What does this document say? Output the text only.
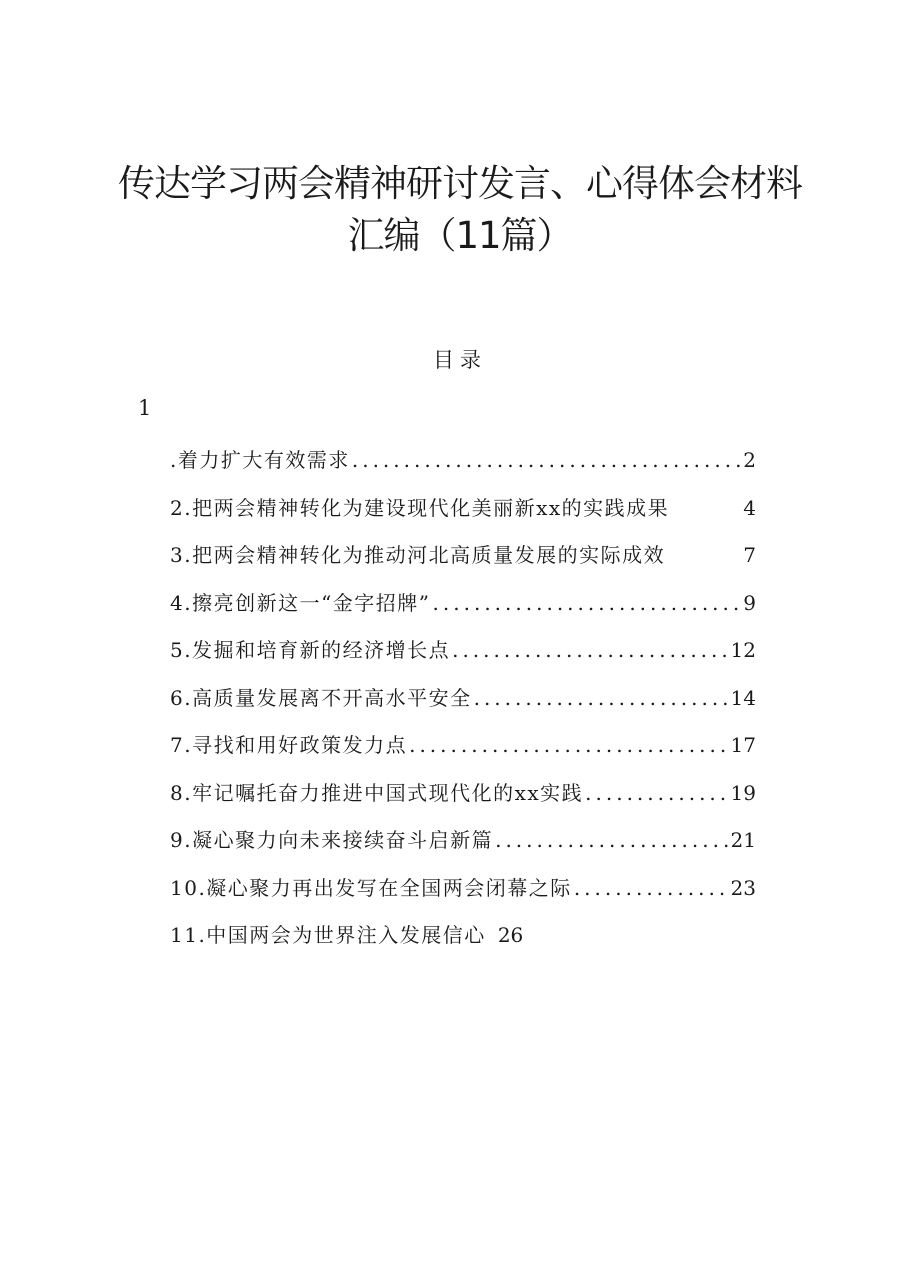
传达学习两会精神研讨发言、心得体会材料汇编（11篇）
目录
1
.着力扩大有效需求 .....	2
2.把两会精神转化为建设现代化美丽新xx的实践成果	4
3.把两会精神转化为推动河北高质量发展的实际成效	7
4.擦亮创新这一“金字招牌” .....	9
5.发掘和培育新的经济增长点 .....	12
6.高质量发展离不开高水平安全 .....	14
7.寻找和用好政策发力点 .....	17
8.牢记嘱托奋力推进中国式现代化的xx实践 .....	19
9.凝心聚力向未来接续奋斗启新篇 .....	21
10.凝心聚力再出发写在全国两会闭幕之际 .....	23
11.中国两会为世界注入发展信心 26
